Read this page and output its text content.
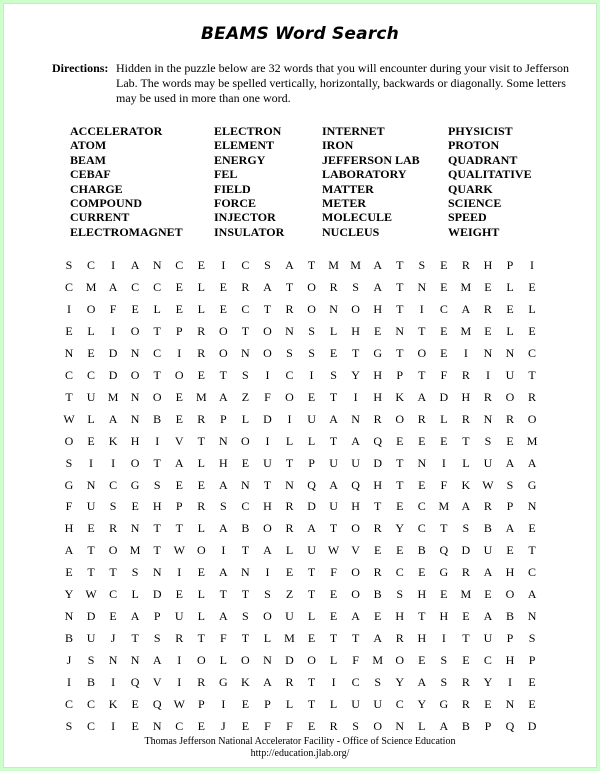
BEAMS Word Search
Directions: Hidden in the puzzle below are 32 words that you will encounter during your visit to Jefferson Lab. The words may be spelled vertically, horizontally, backwards or diagonally. Some letters may be used in more than one word.
ACCELERATOR
ATOM
BEAM
CEBAF
CHARGE
COMPOUND
CURRENT
ELECTROMAGNET
ELECTRON
ELEMENT
ENERGY
FEL
FIELD
FORCE
INJECTOR
INSULATOR
INTERNET
IRON
JEFFERSON LAB
LABORATORY
MATTER
METER
MOLECULE
NUCLEUS
PHYSICIST
PROTON
QUADRANT
QUALITATIVE
QUARK
SCIENCE
SPEED
WEIGHT
S	C	I	A	N	C	E	I	C	S	A	T	M M	A	T	S	E	R	H	P	I
C	M	A	C	C	E	L	E	R	A	T	O	R	S	A	T	N	E	M	E	L	E
I	O	F	E	L	E	L	E	C	T	R	O	N	O	H	T	I	C	A	R	E	L
E	L	I	O	T	P	R	O	T	O	N	S	L	H	E	N	T	E	M	E	L	E
N	E	D	N	C	I	R	O	N	O	S	S	E	T	G	T	O	E	I	N	N	C
C	C	D	O	T	O	E	T	S	I	C	I	S	Y	H	P	T	F	R	I	U	T
T	U	M	N	O	E	M	A	Z	F	O	E	T	I	H	K	A	D	H	R	O	R
W	L	A	N	B	E	R	P	L	D	I	U	A	N	R	O	R	L	R	N	R	O
O	E	K	H	I	V	T	N	O	I	L	L	T	A	Q	E	E	E	T	S	E	M
S	I	I	O	T	A	L	H	E	U	T	P	U	U	D	T	N	I	L	U	A	A
G	N	C	G	S	E	E	A	N	T	N	Q	A	Q	H	T	E	F	K	W	S	G
F	U	S	E	H	P	R	S	C	H	R	D	U	H	T	E	C	M	A	R	P	N
H	E	R	N	T	T	L	A	B	O	R	A	T	O	R	Y	C	T	S	B	A	E
A	T	O	M	T	W	O	I	T	A	L	U	W	V	E	E	B	Q	D	U	E	T
E	T	T	S	N	I	E	A	N	I	E	T	F	O	R	C	E	G	R	A	H	C
Y	W	C	L	D	E	L	T	T	S	Z	T	E	O	B	S	H	E	M	E	O	A
N	D	E	A	P	U	L	A	S	O	U	L	E	A	E	H	T	H	E	A	B	N
B	U	J	T	S	R	T	F	T	L	M	E	T	T	A	R	H	I	T	U	P	S
J	S	N	N	A	I	O	L	O	N	D	O	L	F	M	O	E	S	E	C	H	P
I	B	I	Q	V	I	R	G	K	A	R	T	I	C	S	Y	A	S	R	Y	I	E
C	C	K	E	Q	W	P	I	E	P	L	T	L	U	U	C	Y	G	R	E	N	E
S	C	I	E	N	C	E	J	E	F	F	E	R	S	O	N	L	A	B	P	Q	D
Thomas Jefferson National Accelerator Facility - Office of Science Education
http://education.jlab.org/
